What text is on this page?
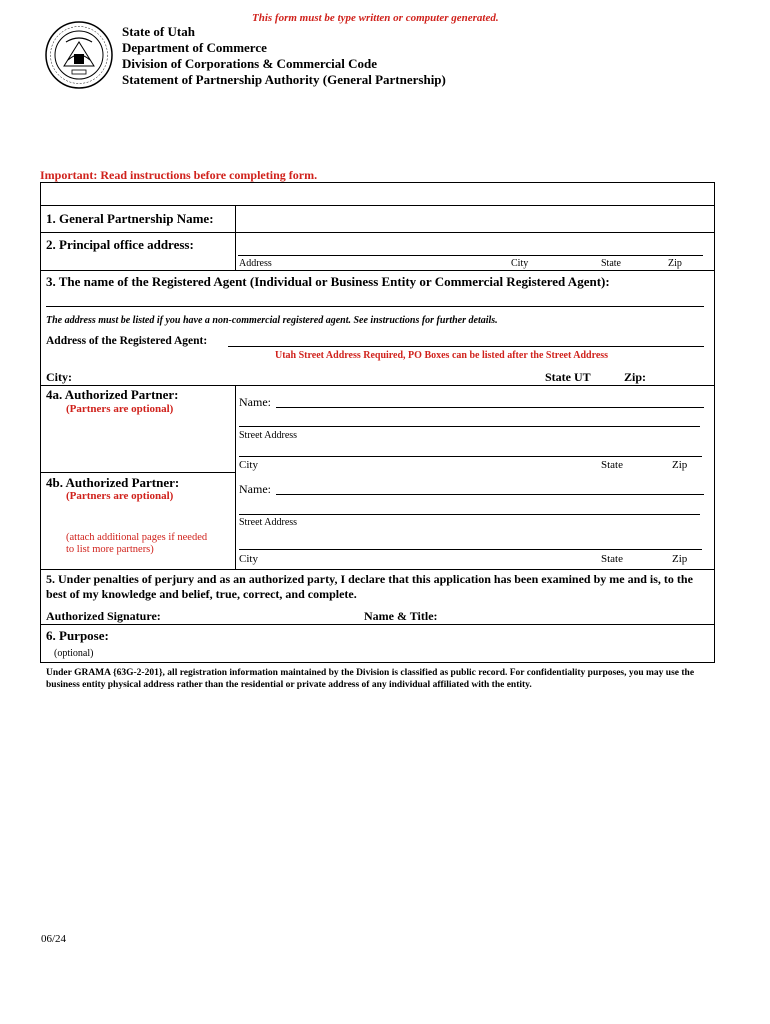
This form must be type written or computer generated.
State of Utah
Department of Commerce
Division of Corporations & Commercial Code
Statement of Partnership Authority (General Partnership)
Important: Read instructions before completing form.
1. General Partnership Name:
2. Principal office address:
Address	City	State	Zip
3. The name of the Registered Agent (Individual or Business Entity or Commercial Registered Agent):
The address must be listed if you have a non-commercial registered agent. See instructions for further details.
Address of the Registered Agent:
Utah Street Address Required, PO Boxes can be listed after the Street Address
City:	State UT	Zip:
4a. Authorized Partner:
(Partners are optional)	Name:
Street Address
City	State	Zip
4b. Authorized Partner:
(Partners are optional)
(attach additional pages if needed
to list more partners)
Name:
Street Address
City	State	Zip
5. Under penalties of perjury and as an authorized party, I declare that this application has been examined by me and is, to the best of my knowledge and belief, true, correct, and complete.
Authorized Signature:	Name & Title:
6. Purpose:
(optional)
Under GRAMA {63G-2-201}, all registration information maintained by the Division is classified as public record. For confidentiality purposes, you may use the business entity physical address rather than the residential or private address of any individual affiliated with the entity.
06/24
